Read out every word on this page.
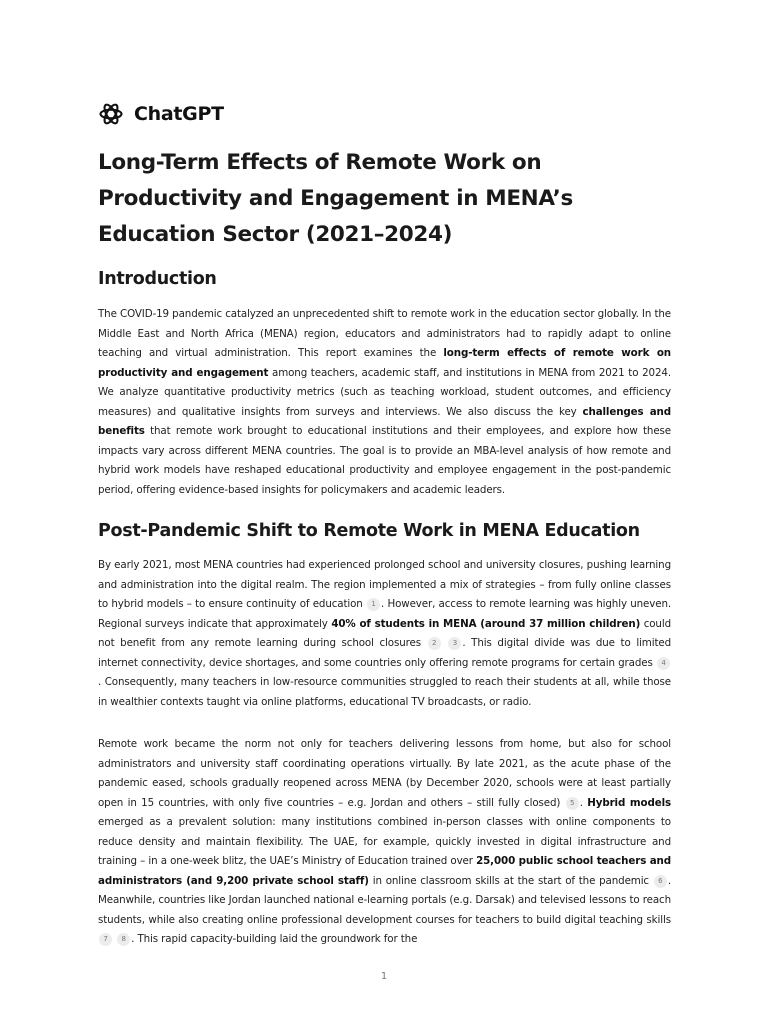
ChatGPT
Long-Term Effects of Remote Work on Productivity and Engagement in MENA’s Education Sector (2021–2024)
Introduction

The COVID-19 pandemic catalyzed an unprecedented shift to remote work in the education sector globally. In the Middle East and North Africa (MENA) region, educators and administrators had to rapidly adapt to online teaching and virtual administration. This report examines the long-term effects of remote work on productivity and engagement among teachers, academic staff, and institutions in MENA from 2021 to 2024. We analyze quantitative productivity metrics (such as teaching workload, student outcomes, and efficiency measures) and qualitative insights from surveys and interviews. We also discuss the key challenges and benefits that remote work brought to educational institutions and their employees, and explore how these impacts vary across different MENA countries. The goal is to provide an MBA-level analysis of how remote and hybrid work models have reshaped educational productivity and employee engagement in the post-pandemic period, offering evidence-based insights for policymakers and academic leaders.

Post-Pandemic Shift to Remote Work in MENA Education

By early 2021, most MENA countries had experienced prolonged school and university closures, pushing learning and administration into the digital realm. The region implemented a mix of strategies – from fully online classes to hybrid models – to ensure continuity of education 1 . However, access to remote learning was highly uneven. Regional surveys indicate that approximately 40% of students in MENA (around 37 million children) could not benefit from any remote learning during school closures 2 3 . This digital divide was due to limited internet connectivity, device shortages, and some countries only offering remote programs for certain grades 4. Consequently, many teachers in low-resource communities struggled to reach their students at all, while those in wealthier contexts taught via online platforms, educational TV broadcasts, or radio.

Remote work became the norm not only for teachers delivering lessons from home, but also for school administrators and university staff coordinating operations virtually. By late 2021, as the acute phase of the pandemic eased, schools gradually reopened across MENA (by December 2020, schools were at least partially open in 15 countries, with only five countries – e.g. Jordan and others – still fully closed) 5 . Hybrid models emerged as a prevalent solution: many institutions combined in-person classes with online components to reduce density and maintain flexibility. The UAE, for example, quickly invested in digital infrastructure and training – in a one-week blitz, the UAE’s Ministry of Education trained over 25,000 public school teachers and administrators (and 9,200 private school staff) in online classroom skills at the start of the pandemic 6 . Meanwhile, countries like Jordan launched national e-learning portals (e.g. Darsak) and televised lessons to reach students, while also creating online professional development courses for teachers to build digital teaching skills 7 8 . This rapid capacity-building laid the groundwork for the

1
